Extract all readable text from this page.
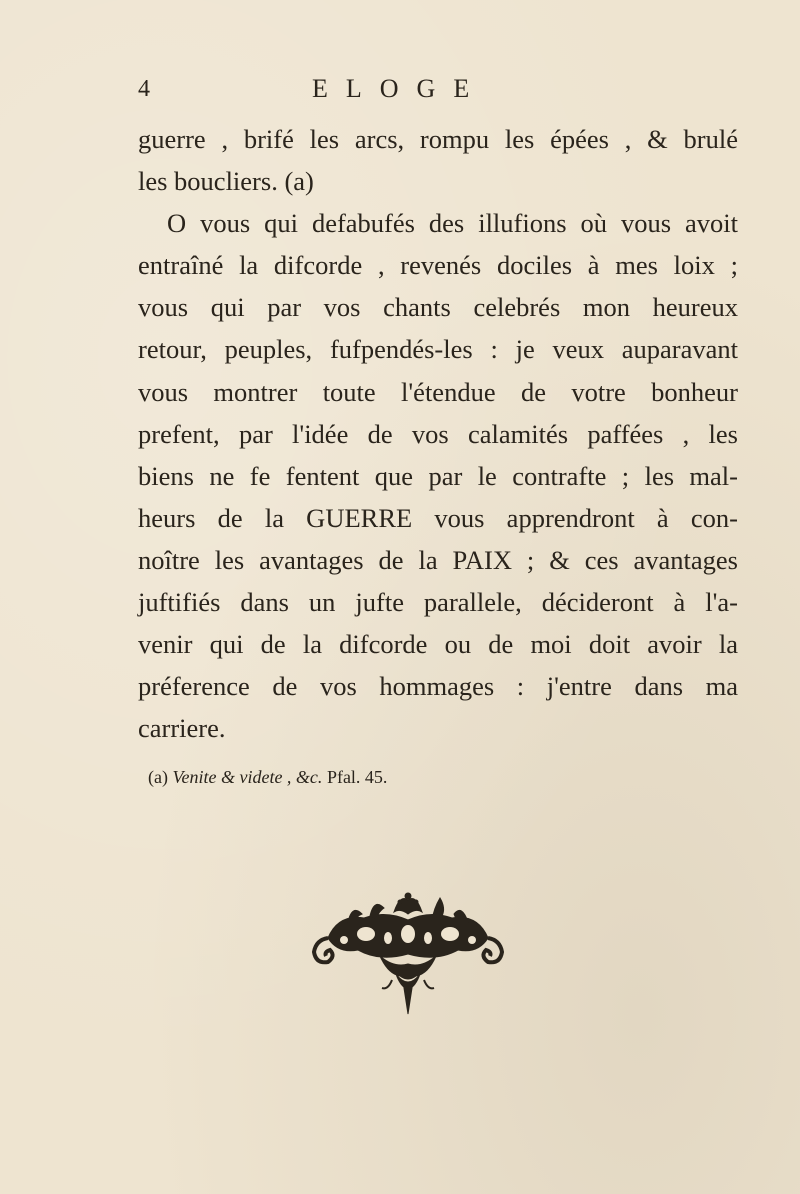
4	ELOGE
guerre , brifé les arcs, rompu les épées , & brulé
les boucliers. (a)
O vous qui defabufés des illufions où vous avoit
entraîné la difcorde , revenés dociles à mes loix ;
vous qui par vos chants celebrés mon heureux
retour, peuples, fufpendés-les : je veux auparavant
vous montrer toute l'étendue de votre bonheur
prefent, par l'idée de vos calamités paffées , les
biens ne fe fentent que par le contrafte ; les mal-
heurs de la GUERRE vous apprendront à con-
noître les avantages de la PAIX ; & ces avantages
juftifiés dans un jufte parallele, décideront à l'a-
venir qui de la difcorde ou de moi doit avoir la
préference de vos hommages : j'entre dans ma
carriere.
(a) Venite & videte , &c. Pfal. 45.
